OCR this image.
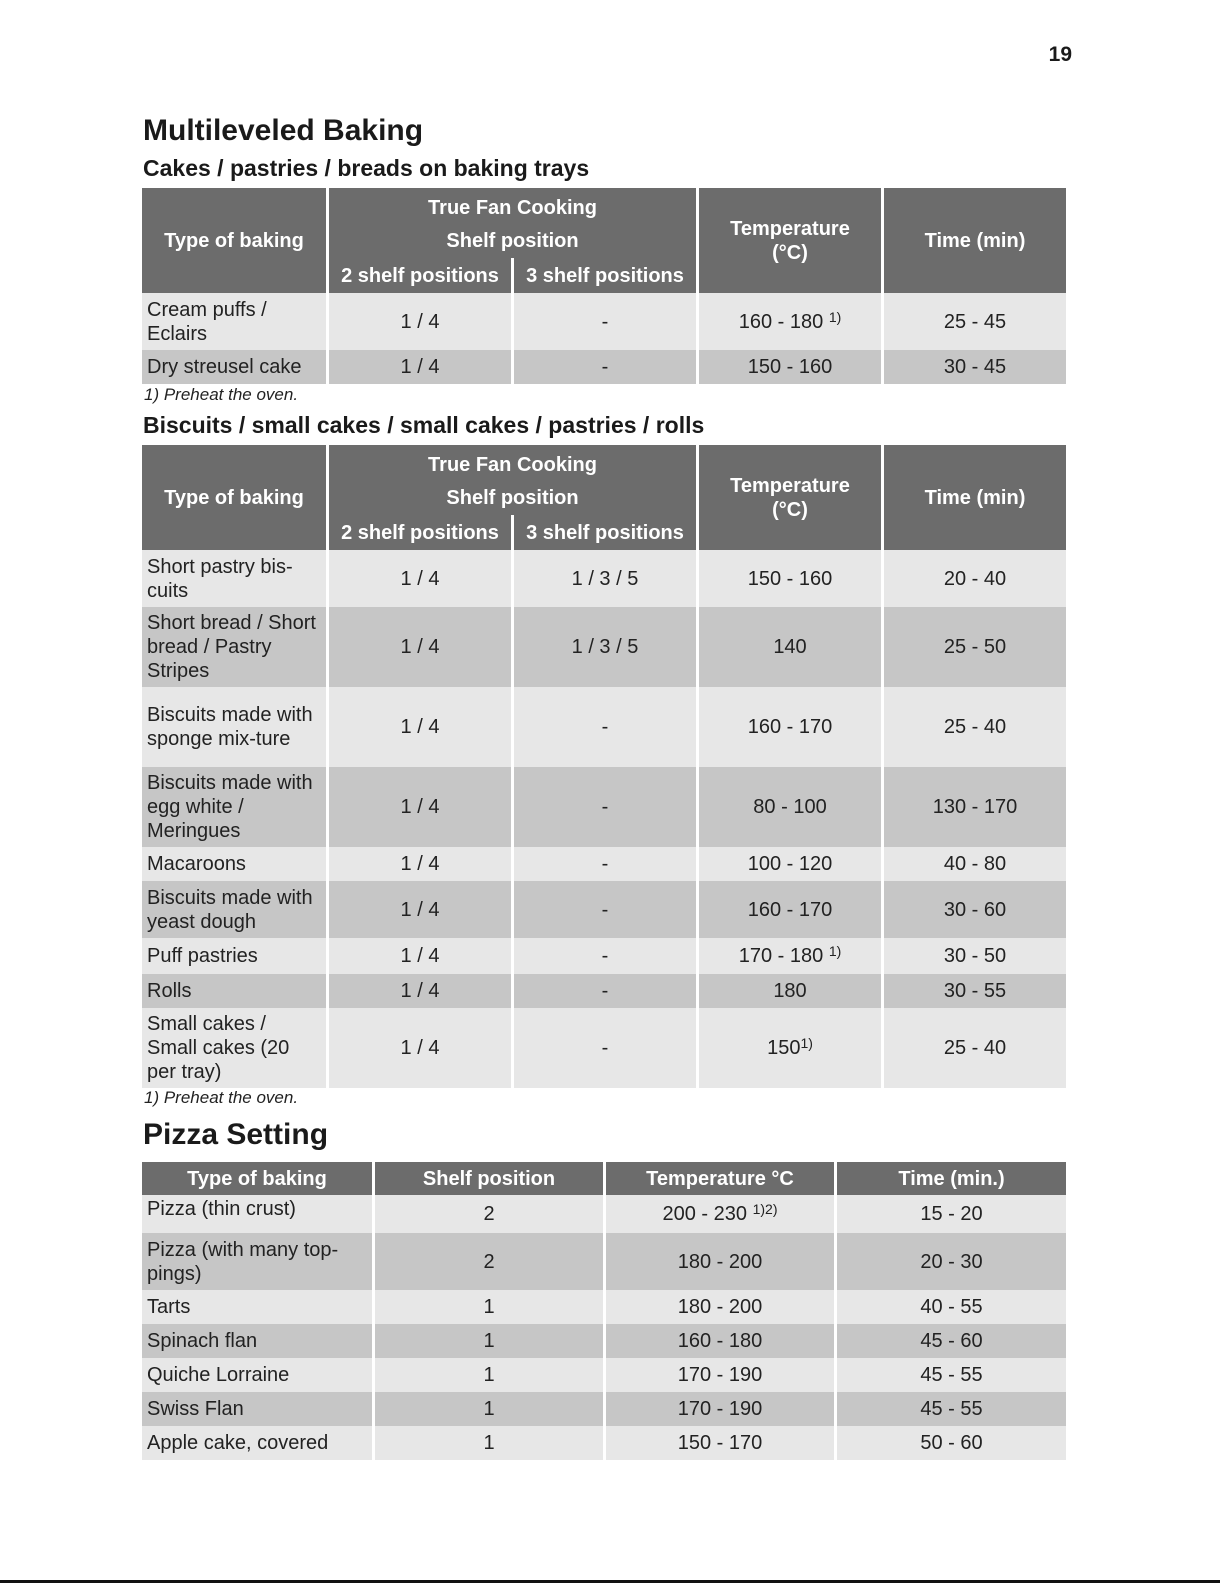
19
Multileveled Baking
Cakes / pastries / breads on baking trays
Type of baking	True Fan Cooking
Shelf position		Temperature (°C)	Time (min)
	2 shelf positions	3 shelf positions		
Cream puffs / Eclairs	1 / 4	-	160 - 180 $^{1)}$	25 - 45
Dry streusel cake	1 / 4	-	150 - 160	30 - 45
1) Preheat the oven.
Biscuits / small cakes / small cakes / pastries / rolls
Type of baking	True Fan Cooking
Shelf position		Temperature (°C)	Time (min)
	2 shelf positions	3 shelf positions		
Short pastry bis-cuits	1 / 4	1 / 3 / 5	150 - 160	20 - 40
Short bread / Short bread / Pastry Stripes	1 / 4	1 / 3 / 5	140	25 - 50
Biscuits made with sponge mix-ture	1 / 4	-	160 - 170	25 - 40
Biscuits made with egg white / Meringues	1 / 4	-	80 - 100	130 - 170
Macaroons	1 / 4	-	100 - 120	40 - 80
Biscuits made with yeast dough	1 / 4	-	160 - 170	30 - 60
Puff pastries	1 / 4	-	170 - 180 $^{1)}$	30 - 50
Rolls	1 / 4	-	180	30 - 55
Small cakes / Small cakes (20 per tray)	1 / 4	-	150$^{1)}$	25 - 40
1) Preheat the oven.
Pizza Setting
Type of baking	Shelf position	Temperature °C	Time (min.)
Pizza (thin crust)	2	200 - 230 $^{1)2)}$	15 - 20
Pizza (with many top-pings)	2	180 - 200	20 - 30
Tarts	1	180 - 200	40 - 55
Spinach flan	1	160 - 180	45 - 60
Quiche Lorraine	1	170 - 190	45 - 55
Swiss Flan	1	170 - 190	45 - 55
Apple cake, covered	1	150 - 170	50 - 60
